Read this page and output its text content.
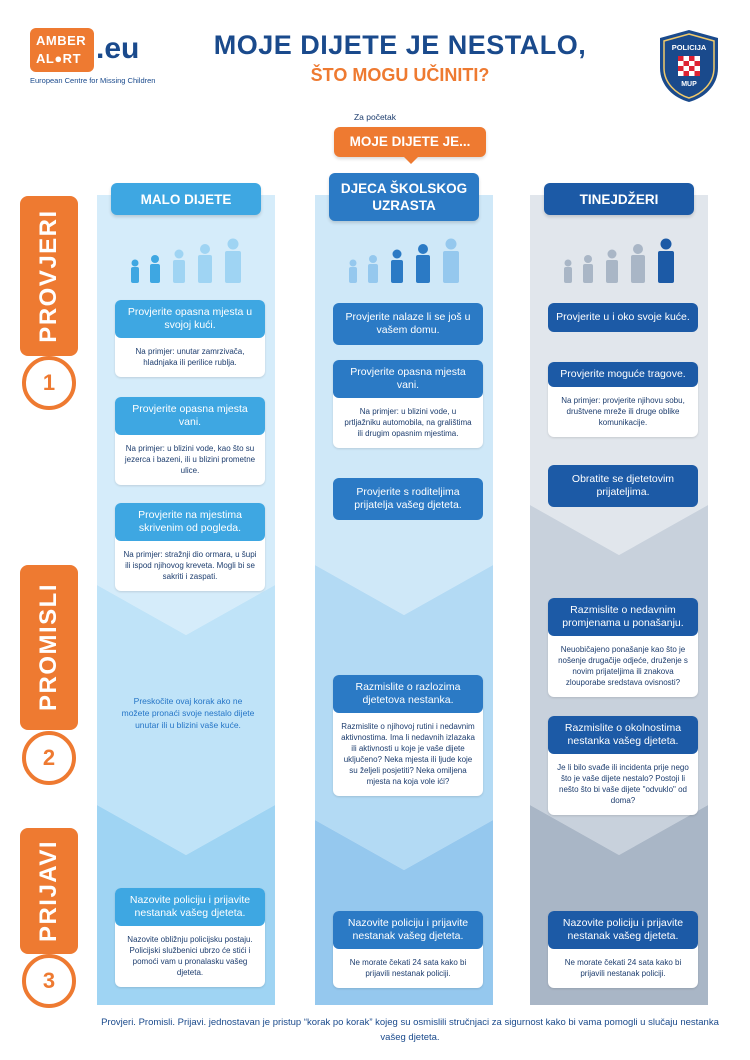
AMBER
AL●RT .eu
European Centre for Missing Children
MOJE DIJETE JE NESTALO,
ŠTO MOGU UČINITI?
POLICIJA
MUP
Za početak
MOJE DIJETE JE...
PROVJERI
1
PROMISLI
2
PRIJAVI
3
MALO DIJETE
Provjerite opasna mjesta u svojoj kući.
Na primjer: unutar zamrzivača, hladnjaka ili perilice rublja.
Provjerite opasna mjesta vani.
Na primjer: u blizini vode, kao što su jezerca i bazeni, ili u blizini prometne ulice.
Provjerite na mjestima skrivenim od pogleda.
Na primjer: stražnji dio ormara, u šupi ili ispod njihovog kreveta. Mogli bi se sakriti i zaspati.
Preskočite ovaj korak ako ne možete pronaći svoje nestalo dijete unutar ili u blizini vaše kuće.
Nazovite policiju i prijavite nestanak vašeg djeteta.
Nazovite obližnju policijsku postaju. Policijski službenici ubrzo će stići i pomoći vam u pronalasku vašeg djeteta.
DJECA ŠKOLSKOG UZRASTA
Provjerite nalaze li se još u vašem domu.
Provjerite opasna mjesta vani.
Na primjer: u blizini vode, u prtljažniku automobila, na gralištima ili drugim opasnim mjestima.
Provjerite s roditeljima prijatelja vašeg djeteta.
Razmislite o razlozima djetetova nestanka.
Razmislite o njihovoj rutini i nedavnim aktivnostima. Ima li nedavnih izlazaka ili aktivnosti u koje je vaše dijete uključeno? Neka mjesta ili ljude koje su željeli posjetiti? Neka omiljena mjesta na koja vole ići?
Nazovite policiju i prijavite nestanak vašeg djeteta.
Ne morate čekati 24 sata kako bi prijavili nestanak policiji.
TINEJDŽERI
Provjerite u i oko svoje kuće.
Provjerite moguće tragove.
Na primjer: provjerite njihovu sobu, društvene mreže ili druge oblike komunikacije.
Obratite se djetetovim prijateljima.
Razmislite o nedavnim promjenama u ponašanju.
Neuobičajeno ponašanje kao što je nošenje drugačije odjeće, druženje s novim prijateljima ili znakova zlouporabe sredstava ovisnosti?
Razmislite o okolnostima nestanka vašeg djeteta.
Je li bilo svađe ili incidenta prije nego što je vaše dijete nestalo? Postoji li nešto što bi vaše dijete "odvuklo" od doma?
Nazovite policiju i prijavite nestanak vašeg djeteta.
Ne morate čekati 24 sata kako bi prijavili nestanak policiji.
Provjeri. Promisli. Prijavi. jednostavan je pristup “korak po korak” kojeg su osmislili stručnjaci za sigurnost kako bi vama pomogli u slučaju nestanka vašeg djeteta.
